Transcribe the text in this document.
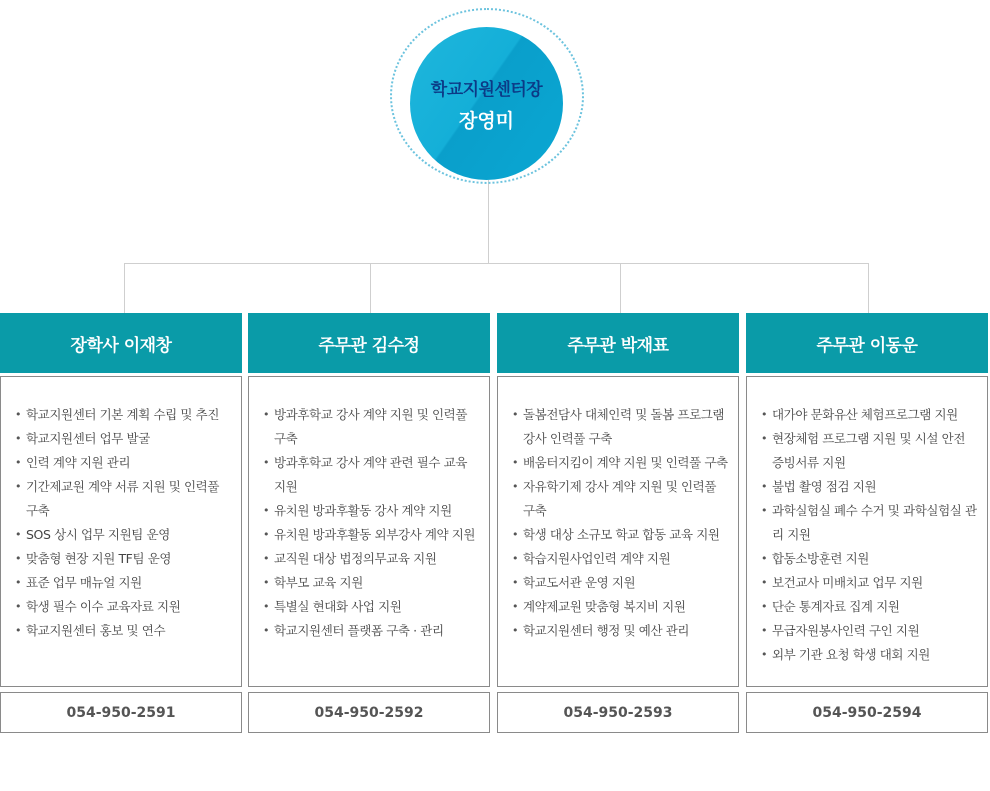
학교지원센터장
장영미
장학사 이재창
• 학교지원센터 기본 계획 수립 및 추진
• 학교지원센터 업무 발굴
• 인력 계약 지원 관리
• 기간제교원 계약 서류 지원 및 인력풀 구축
• SOS 상시 업무 지원팀 운영
• 맞춤형 현장 지원 TF팀 운영
• 표준 업무 매뉴얼 지원
• 학생 필수 이수 교육자료 지원
• 학교지원센터 홍보 및 연수
054-950-2591
주무관 김수정
• 방과후학교 강사 계약 지원 및 인력풀 구축
• 방과후학교 강사 계약 관련 필수 교육 지원
• 유치원 방과후활동 강사 계약 지원
• 유치원 방과후활동 외부강사 계약 지원
• 교직원 대상 법정의무교육 지원
• 학부모 교육 지원
• 특별실 현대화 사업 지원
• 학교지원센터 플랫폼 구축 · 관리
054-950-2592
주무관 박재표
• 돌봄전담사 대체인력 및 돌봄 프로그램 강사 인력풀 구축
• 배움터지킴이 계약 지원 및 인력풀 구축
• 자유학기제 강사 계약 지원 및 인력풀 구축
• 학생 대상 소규모 학교 합동 교육 지원
• 학습지원사업인력 계약 지원
• 학교도서관 운영 지원
• 계약제교원 맞춤형 복지비 지원
• 학교지원센터 행정 및 예산 관리
054-950-2593
주무관 이동운
• 대가야 문화유산 체험프로그램 지원
• 현장체험 프로그램 지원 및 시설 안전 증빙서류 지원
• 불법 촬영 점검 지원
• 과학실험실 폐수 수거 및 과학실험실 관리 지원
• 합동소방훈련 지원
• 보건교사 미배치교 업무 지원
• 단순 통계자료 집계 지원
• 무급자원봉사인력 구인 지원
• 외부 기관 요청 학생 대회 지원
054-950-2594
